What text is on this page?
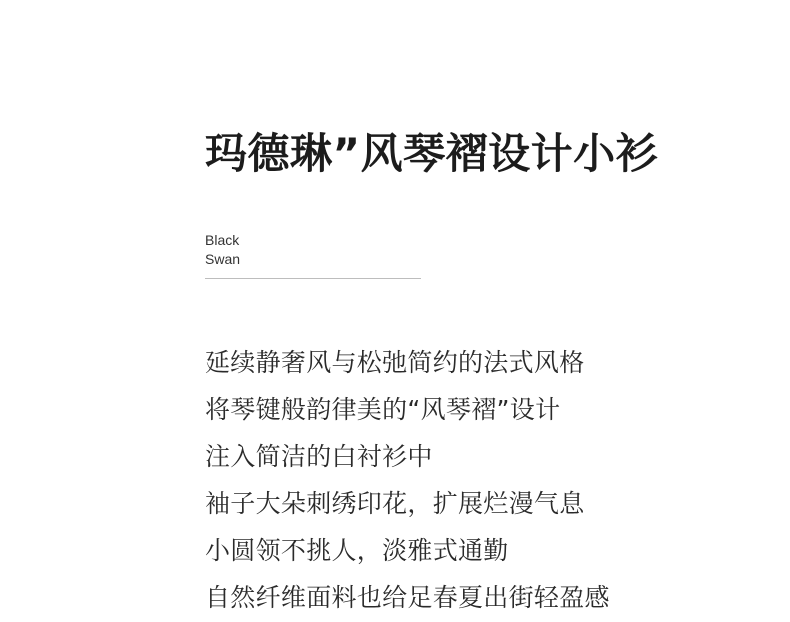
玛德琳”风琴褶设计小衫
Black
Swan
延续静奢风与松弛简约的法式风格
将琴键般韵律美的“风琴褶”设计
注入简洁的白衬衫中
袖子大朵刺绣印花，扩展烂漫气息
小圆领不挑人，淡雅式通勤
自然纤维面料也给足春夏出街轻盈感
